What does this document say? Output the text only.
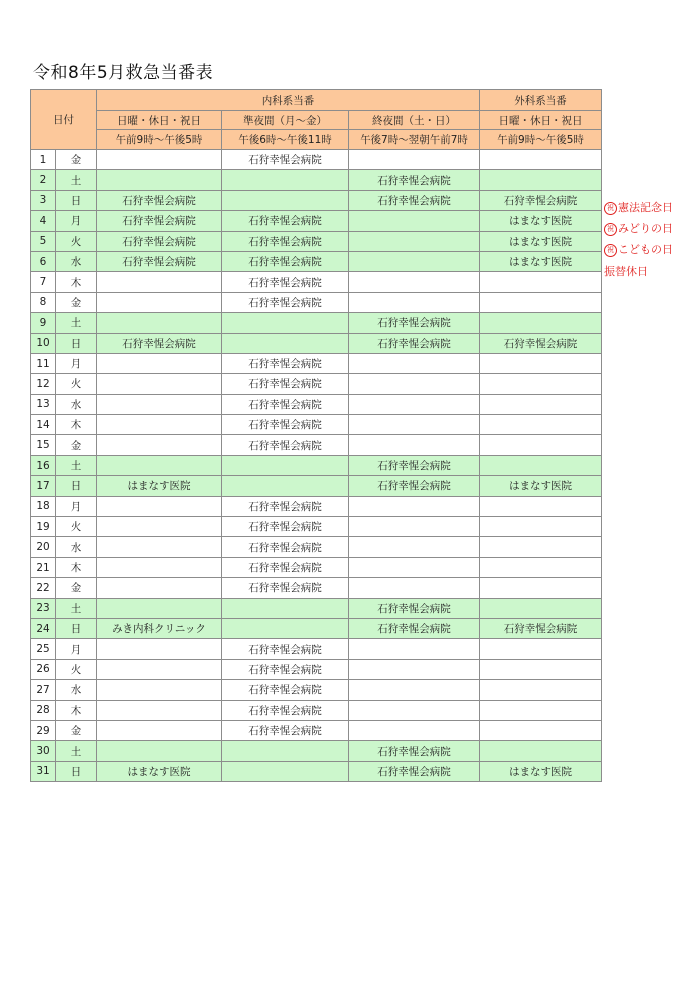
令和8年5月救急当番表
日付		内科系当番			外科系当番
		日曜・休日・祝日	準夜間（月～金）	終夜間（土・日）	日曜・休日・祝日
		午前9時～午後5時	午後6時～午後11時	午後7時～翌朝午前7時	午前9時～午後5時
1	金		石狩幸惺会病院		
2	土			石狩幸惺会病院	
3	日	石狩幸惺会病院		石狩幸惺会病院	石狩幸惺会病院
4	月	石狩幸惺会病院	石狩幸惺会病院		はまなす医院
5	火	石狩幸惺会病院	石狩幸惺会病院		はまなす医院
6	水	石狩幸惺会病院	石狩幸惺会病院		はまなす医院
7	木		石狩幸惺会病院		
8	金		石狩幸惺会病院		
9	土			石狩幸惺会病院	
10	日	石狩幸惺会病院		石狩幸惺会病院	石狩幸惺会病院
11	月		石狩幸惺会病院		
12	火		石狩幸惺会病院		
13	水		石狩幸惺会病院		
14	木		石狩幸惺会病院		
15	金		石狩幸惺会病院		
16	土			石狩幸惺会病院	
17	日	はまなす医院		石狩幸惺会病院	はまなす医院
18	月		石狩幸惺会病院		
19	火		石狩幸惺会病院		
20	水		石狩幸惺会病院		
21	木		石狩幸惺会病院		
22	金		石狩幸惺会病院		
23	土			石狩幸惺会病院	
24	日	みき内科クリニック		石狩幸惺会病院	石狩幸惺会病院
25	月		石狩幸惺会病院		
26	火		石狩幸惺会病院		
27	水		石狩幸惺会病院		
28	木		石狩幸惺会病院		
29	金		石狩幸惺会病院		
30	土			石狩幸惺会病院	
31	日	はまなす医院		石狩幸惺会病院	はまなす医院
祝 憲法記念日
祝 みどりの日
祝 こどもの日
振替休日
